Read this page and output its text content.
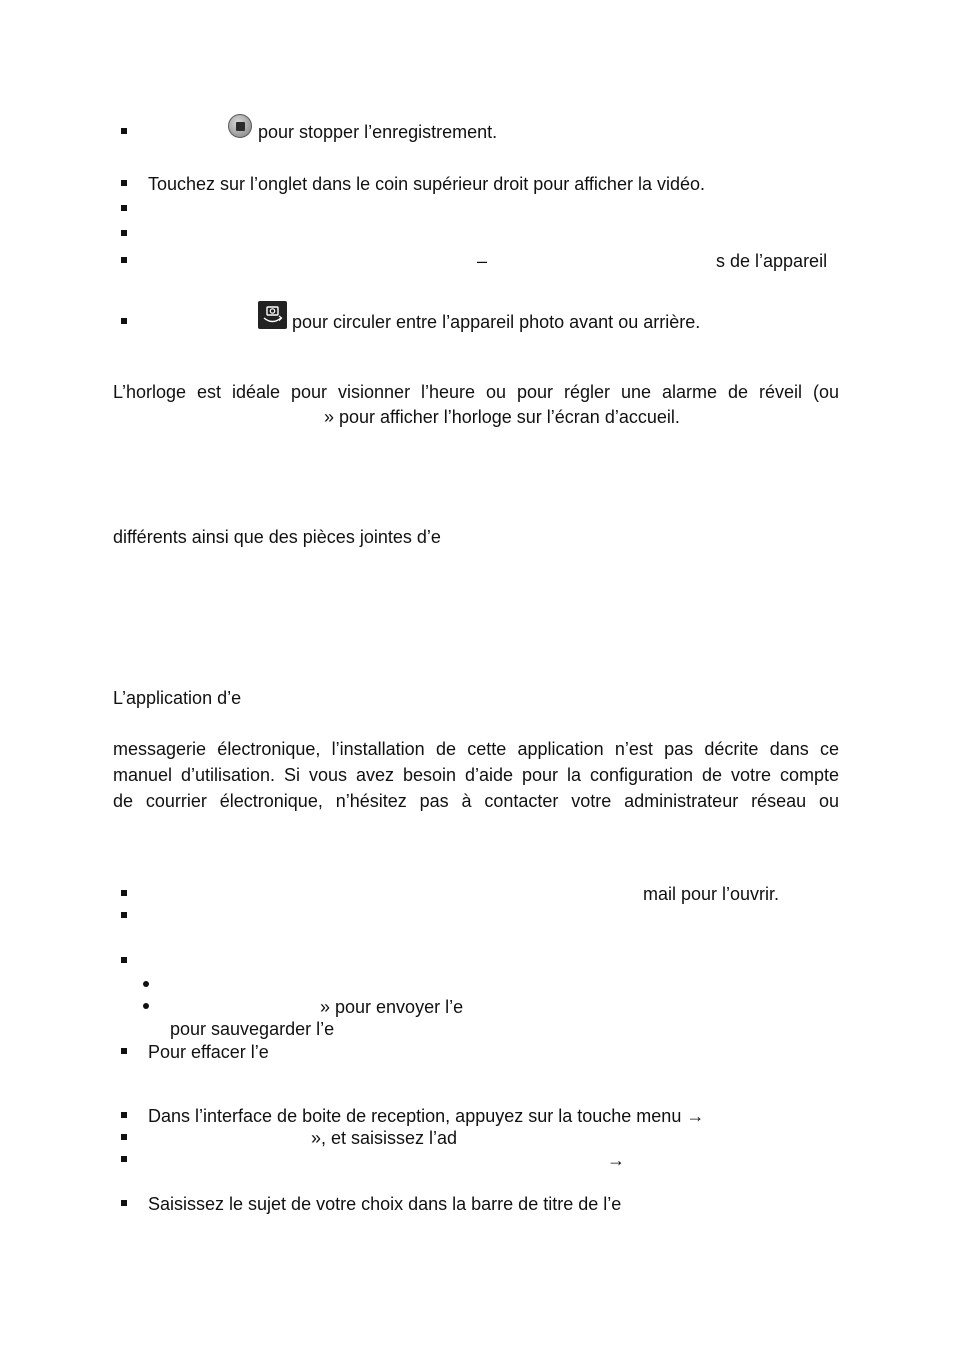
pour stopper l’enregistrement.
Touchez sur l’onglet dans le coin supérieur droit pour afficher la vidéo.
–	s de l’appareil
pour circuler entre l’appareil photo avant ou arrière.
L’horloge est idéale pour visionner l’heure ou pour régler une alarme de réveil (ou
» pour afficher l’horloge sur l’écran d’accueil.
différents ainsi que des pièces jointes d’e
L’application d’e
messagerie électronique, l’installation de cette application n’est pas décrite dans ce
manuel d’utilisation. Si vous avez besoin d’aide pour la configuration de votre compte
de courrier électronique, n’hésitez pas à contacter votre administrateur réseau ou
mail pour l’ouvrir.
» pour envoyer l’e
pour sauvegarder l’e
Pour effacer l’e
Dans l’interface de boite de reception, appuyez sur la touche menu →
», et saisissez l’ad
→
Saisissez le sujet de votre choix dans la barre de titre de l’e
